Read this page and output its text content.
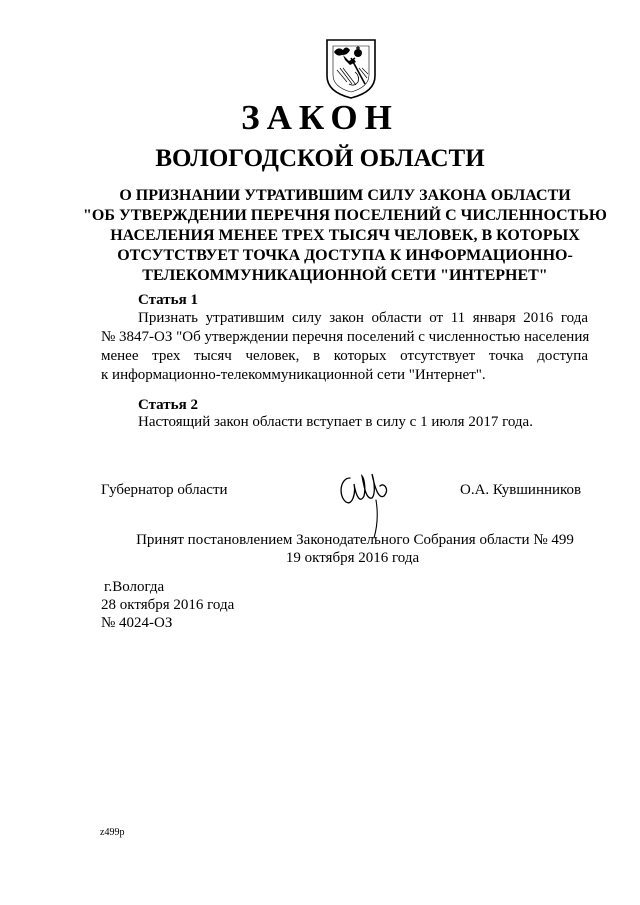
ЗАКОН
ВОЛОГОДСКОЙ ОБЛАСТИ
О ПРИЗНАНИИ УТРАТИВШИМ СИЛУ ЗАКОНА ОБЛАСТИ
"ОБ УТВЕРЖДЕНИИ ПЕРЕЧНЯ ПОСЕЛЕНИЙ С ЧИСЛЕННОСТЬЮ
НАСЕЛЕНИЯ МЕНЕЕ ТРЕХ ТЫСЯЧ ЧЕЛОВЕК, В КОТОРЫХ
ОТСУТСТВУЕТ ТОЧКА ДОСТУПА К ИНФОРМАЦИОННО-
ТЕЛЕКОММУНИКАЦИОННОЙ СЕТИ "ИНТЕРНЕТ"
Статья 1
Признать утратившим силу закон области от 11 января 2016 года
№ 3847-ОЗ "Об утверждении перечня поселений с численностью населения
менее трех тысяч человек, в которых отсутствует точка доступа
к информационно-телекоммуникационной сети "Интернет".
Статья 2
Настоящий закон области вступает в силу с 1 июля 2017 года.
Губернатор области	О.А. Кувшинников
Принят постановлением Законодательного Собрания области № 499
19 октября 2016 года
г.Вологда
28 октября 2016 года
№ 4024-ОЗ
z499p
